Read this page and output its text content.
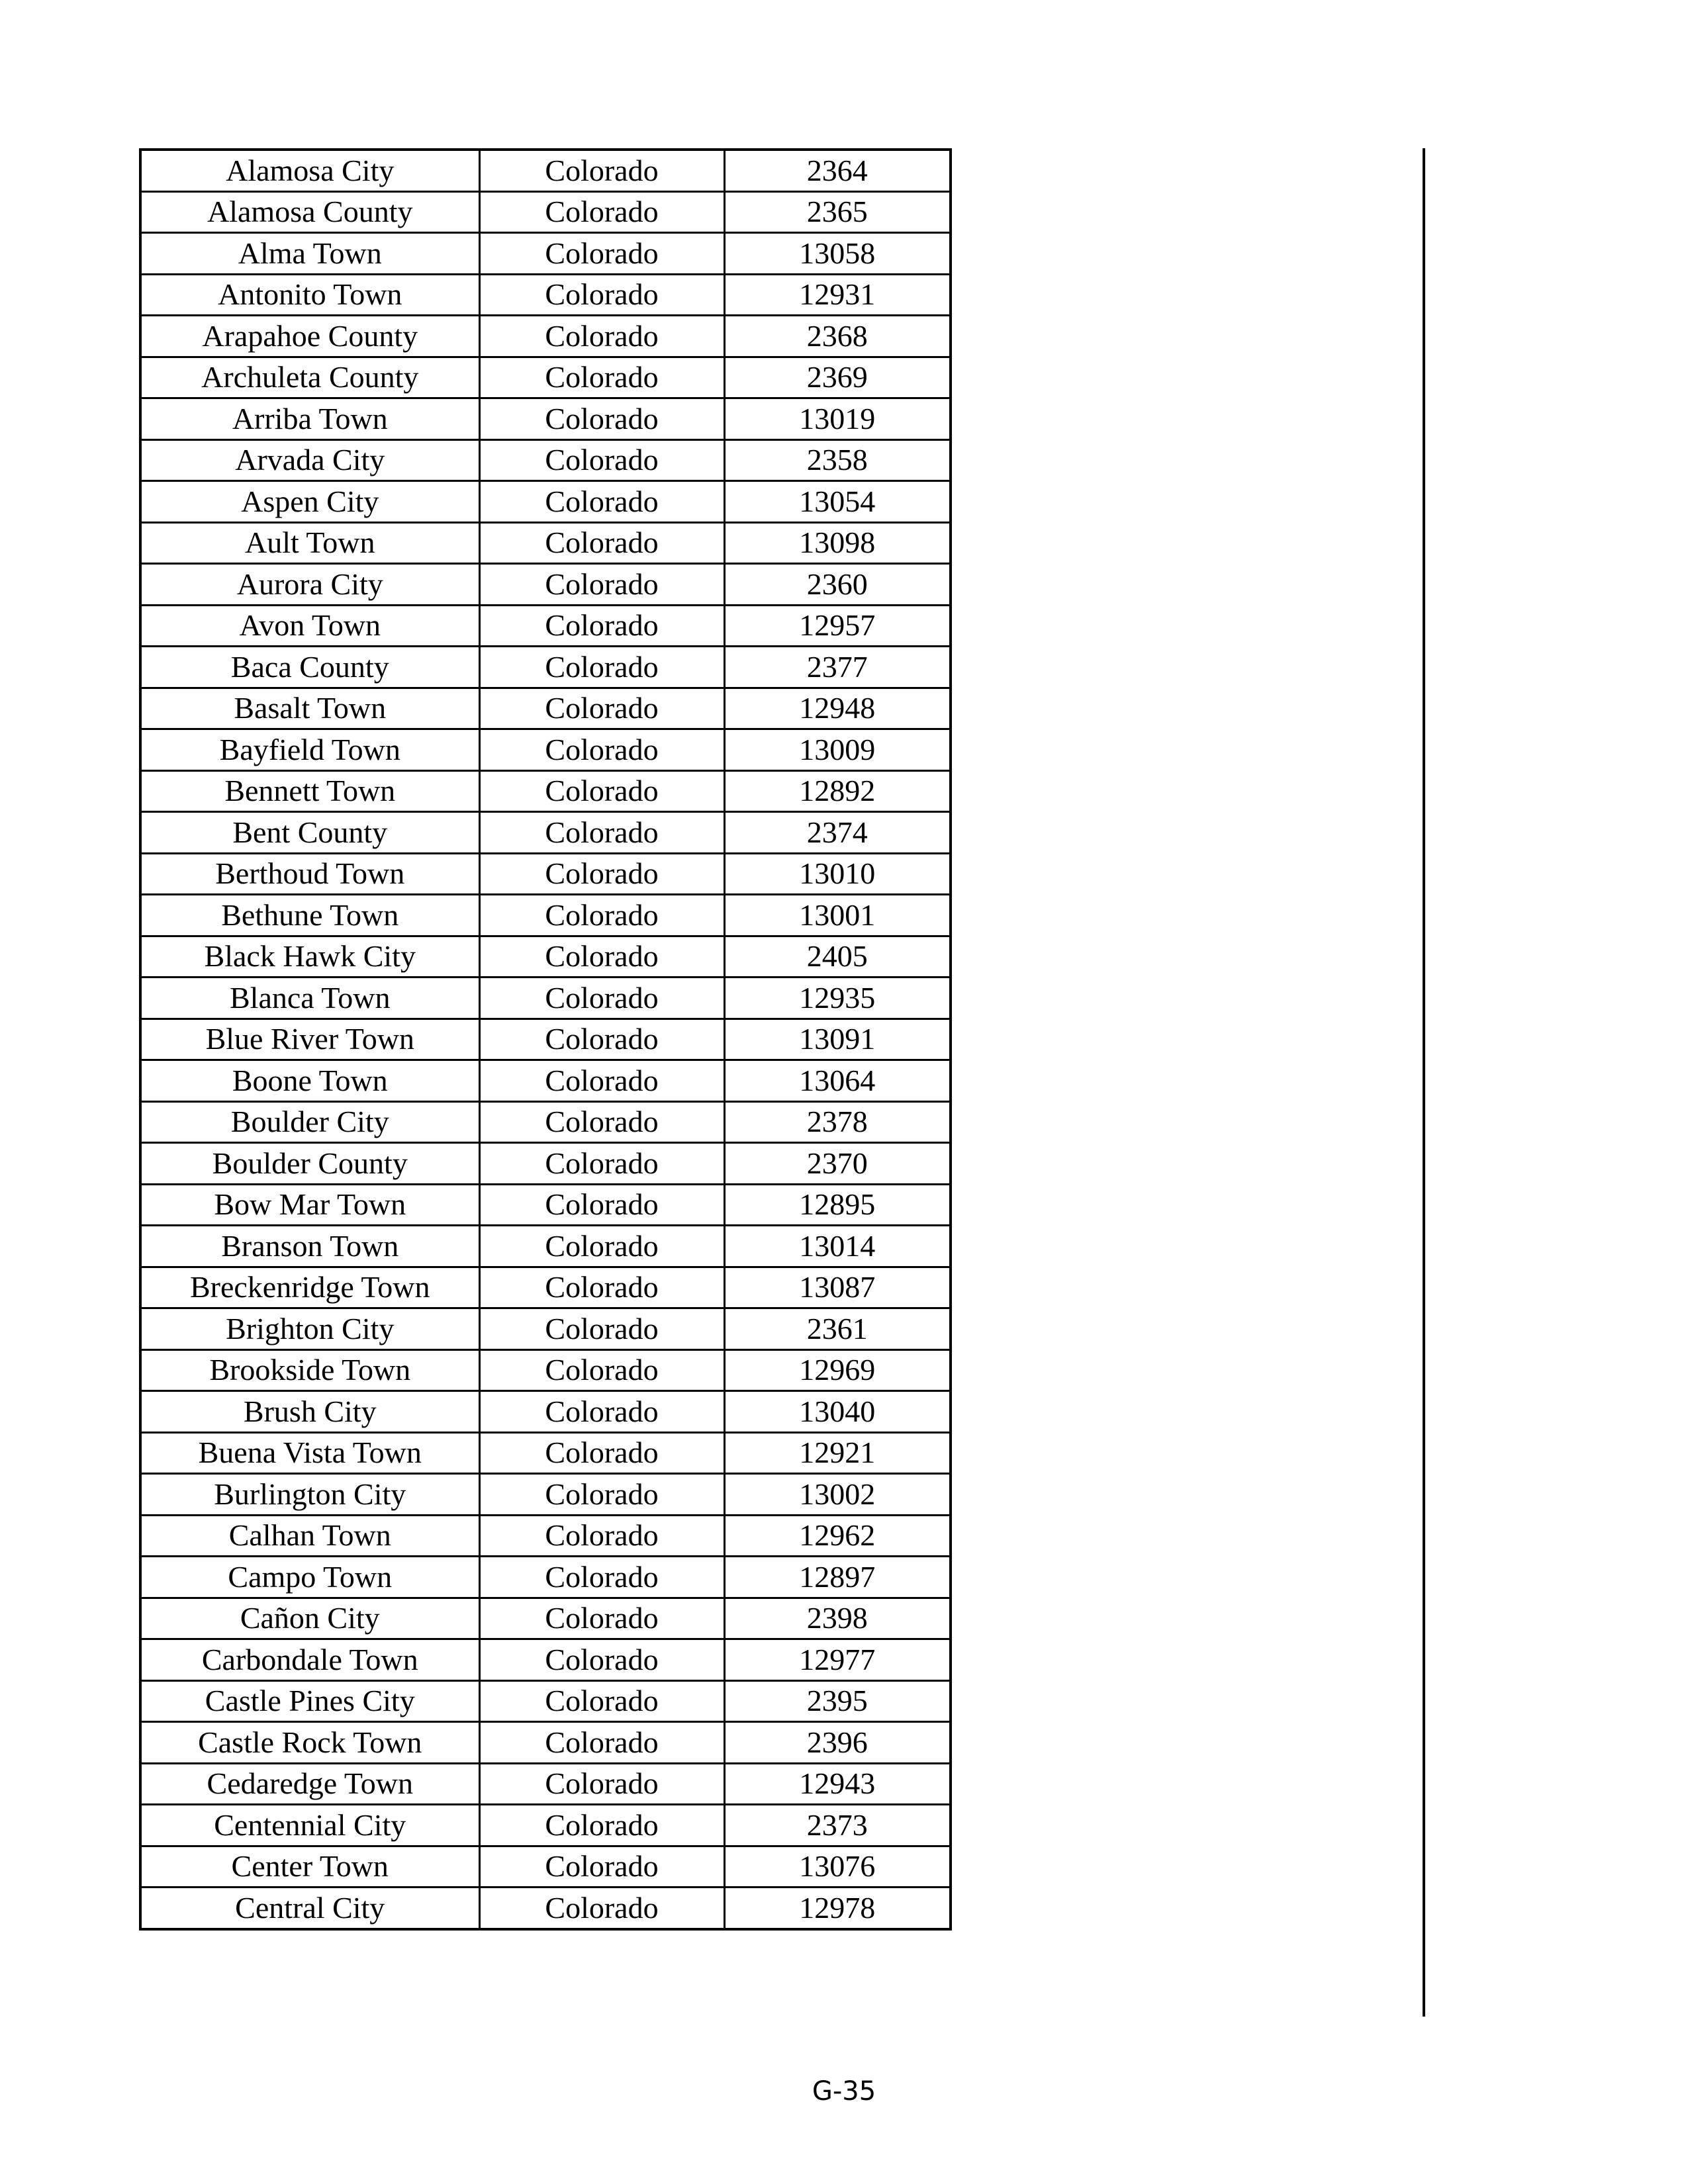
Alamosa City	Colorado	2364
Alamosa County	Colorado	2365
Alma Town	Colorado	13058
Antonito Town	Colorado	12931
Arapahoe County	Colorado	2368
Archuleta County	Colorado	2369
Arriba Town	Colorado	13019
Arvada City	Colorado	2358
Aspen City	Colorado	13054
Ault Town	Colorado	13098
Aurora City	Colorado	2360
Avon Town	Colorado	12957
Baca County	Colorado	2377
Basalt Town	Colorado	12948
Bayfield Town	Colorado	13009
Bennett Town	Colorado	12892
Bent County	Colorado	2374
Berthoud Town	Colorado	13010
Bethune Town	Colorado	13001
Black Hawk City	Colorado	2405
Blanca Town	Colorado	12935
Blue River Town	Colorado	13091
Boone Town	Colorado	13064
Boulder City	Colorado	2378
Boulder County	Colorado	2370
Bow Mar Town	Colorado	12895
Branson Town	Colorado	13014
Breckenridge Town	Colorado	13087
Brighton City	Colorado	2361
Brookside Town	Colorado	12969
Brush City	Colorado	13040
Buena Vista Town	Colorado	12921
Burlington City	Colorado	13002
Calhan Town	Colorado	12962
Campo Town	Colorado	12897
Cañon City	Colorado	2398
Carbondale Town	Colorado	12977
Castle Pines City	Colorado	2395
Castle Rock Town	Colorado	2396
Cedaredge Town	Colorado	12943
Centennial City	Colorado	2373
Center Town	Colorado	13076
Central City	Colorado	12978
G-35
